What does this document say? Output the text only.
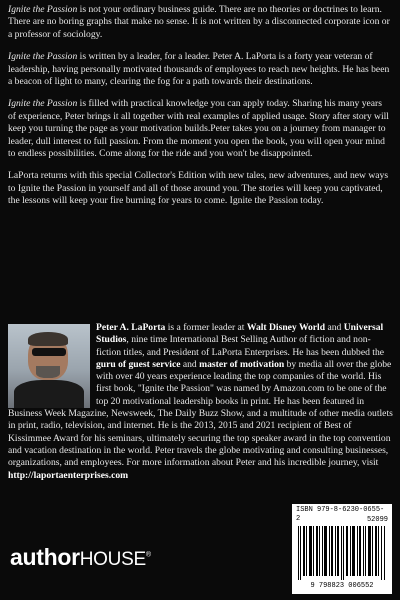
Ignite the Passion is not your ordinary business guide. There are no theories or doctrines to learn. There are no boring graphs that make no sense. It is not written by a disconnected corporate icon or a professor of sociology.

Ignite the Passion is written by a leader, for a leader. Peter A. LaPorta is a forty year veteran of leadership, having personally motivated thousands of employees to reach new heights. He has been a beacon of light to many, clearing the fog for a path towards their destinations.

Ignite the Passion is filled with practical knowledge you can apply today. Sharing his many years of experience, Peter brings it all together with real examples of applied usage. Story after story will keep you turning the page as your motivation builds.Peter takes you on a journey from manager to leader, dull interest to full passion. From the moment you open the book, you will open your mind to endless possibilities. Come along for the ride and you won't be disappointed.

LaPorta returns with this special Collector's Edition with new tales, new adventures, and new ways to Ignite the Passion in yourself and all of those around you. The stories will keep you captivated, the lessons will keep your fire burning for years to come. Ignite the Passion today.

Peter A. LaPorta is a former leader at Walt Disney World and Universal Studios, nine time International Best Selling Author of fiction and non-fiction titles, and President of LaPorta Enterprises. He has been dubbed the guru of guest service and master of motivation by media all over the globe with over 40 years experience leading the top companies of the world. His first book, "Ignite the Passion" was named by Amazon.com to be one of the top 20 motivational leadership books in print. He has been featured in Business Week Magazine, Newsweek, The Daily Buzz Show, and a multitude of other media outlets in print, radio, television, and internet. He is the 2013, 2015 and 2021 recipient of Best of Kissimmee Award for his seminars, ultimately securing the top speaker award in the top convention and vacation destination in the world. Peter travels the globe motivating and consulting businesses, organizations, and employees. For more information about Peter and his incredible journey, visit http://laportaenterprises.com
authorHOUSE®
ISBN 979-8-6230-0655-2	52099
9 798823 006552
